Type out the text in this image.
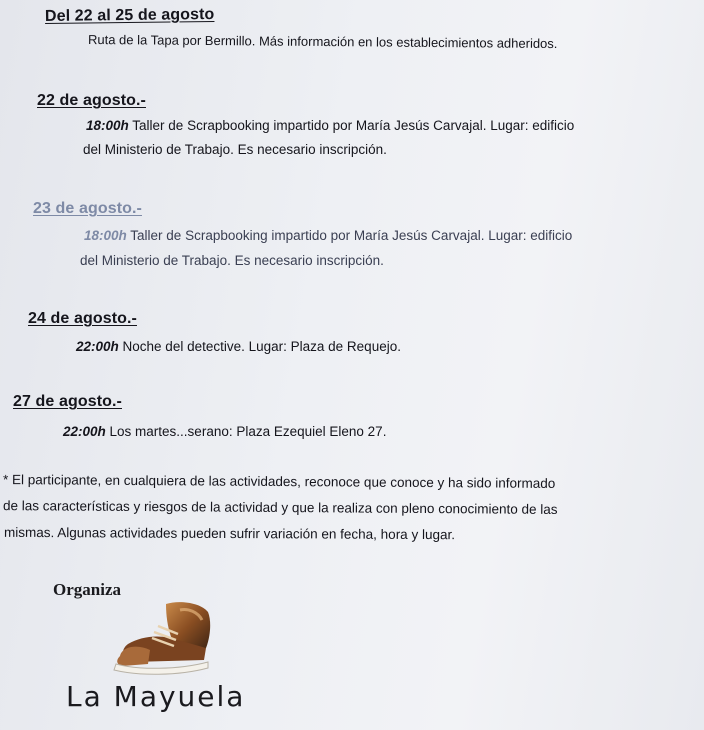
Del 22 al 25 de agosto
Ruta de la Tapa por Bermillo. Más información en los establecimientos adheridos.
22 de agosto.-
18:00h Taller de Scrapbooking impartido por María Jesús Carvajal. Lugar: edificio
del Ministerio de Trabajo. Es necesario inscripción.
23 de agosto.-
18:00h Taller de Scrapbooking impartido por María Jesús Carvajal. Lugar: edificio
del Ministerio de Trabajo. Es necesario inscripción.
24 de agosto.-
22:00h Noche del detective. Lugar: Plaza de Requejo.
27 de agosto.-
22:00h Los martes...serano: Plaza Ezequiel Eleno 27.
* El participante, en cualquiera de las actividades, reconoce que conoce y ha sido informado
de las características y riesgos de la actividad y que la realiza con pleno conocimiento de las
mismas. Algunas actividades pueden sufrir variación en fecha, hora y lugar.
Organiza
La Mayuela
